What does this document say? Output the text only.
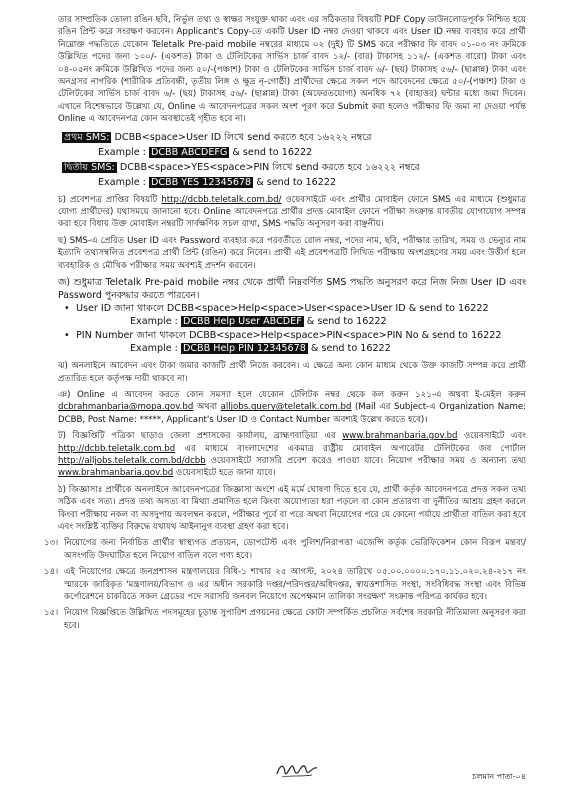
তার সাম্প্রতিক তোলা রঙিন ছবি, নির্ভুল তথ্য ও স্বাক্ষর সংযুক্ত থাকা এবং এর সঠিকতার বিষয়টি PDF Copy ডাউনলোডপূর্বক নিশ্চিত হয়ে রঙিন প্রিন্ট করে সংরক্ষণ করবেন। Applicant's Copy-তে একটি User ID নম্বর দেওয়া থাকবে এবং User ID নম্বর ব্যবহার করে প্রার্থী নিম্নোক্ত পদ্ধতিতে যেকোন Teletalk Pre-paid mobile নম্বরের মাধ্যমে ০২ (দুই) টি SMS করে পরীক্ষার ফি বাবদ ০১-০৩ নং ক্রমিকে উল্লিখিত পদের জন্য ১০০/- (একশত) টাকা ও টেলিটকের সার্ভিস চার্জ বাবদ ১২/- (বার) টাকাসহ ১১২/- (একশত বারো) টাকা এবং ০৪-০৫নং ক্রমিকে উল্লিখিত পদের জন্য ৫০/-(পঞ্চাশ) টাকা ও টেলিটকের সার্ভিস চার্জ বাবদ ৬/- (ছয়) টাকাসহ ৫৬/- (ছাপ্পান্ন) টাকা এবং অনগ্রসর নাগরিক (শারীরিক প্রতিবন্ধী, তৃতীয় লিঙ্গ ও ক্ষুদ্র নৃ-গোষ্ঠী) প্রার্থীদের ক্ষেত্রে সকল পদে আবেদনের ক্ষেত্রে ৫০/-(পঞ্চাশ) টাকা ও টেলিটকের সার্ভিস চার্জ বাবদ ৬/- (ছয়) টাকাসহ ৫৬/- (ছাপ্পান্ন) টাকা (অফেরতযোগ্য) অনধিক ৭২ (বাহাত্তর) ঘন্টার মধ্যে জমা দিবেন। এখানে বিশেষভাবে উল্লেখ্য যে, Online এ আবেদনপত্রের সকল অংশ পূরণ করে Submit করা হলেও পরীক্ষার ফি জমা না দেওয়া পর্যন্ত Online এ আবেদনপত্র কোন অবস্থাতেই গৃহীত হবে না।

প্রথম SMS: DCBB<space>User ID লিখে send করতে হবে ১৬২২২ নম্বরে
Example : DCBB ABCDEFG & send to 16222
দ্বিতীয় SMS: DCBB<space>YES<space>PIN লিখে send করতে হবে ১৬২২২ নম্বরে
Example : DCBB YES 12345678 & send to 16222

চ) প্রবেশপত্র প্রাপ্তির বিষয়টি http://dcbb.teletalk.com.bd/ ওয়েবসাইটে এবং প্রার্থীর মোবাইল ফোনে SMS এর মাধ্যমে (শুধুমাত্র যোগ্য প্রার্থীদের) যথাসময়ে জানানো হবে। Online আবেদনপত্রে প্রার্থীর প্রদত্ত মোবাইল ফোনে পরীক্ষা সংক্রান্ত যাবতীয় যোগাযোগ সম্পন্ন করা হবে বিধায় উক্ত মোবাইল নম্বরটি সার্বক্ষণিক সচল রাখা, SMS পদ্ধতি অনুসরণ করা বাঞ্ছনীয়।

ছ) SMS-এ প্রেরিত User ID এবং Password ব্যবহার করে পরবর্তীতে রোল নম্বর, পদের নাম, ছবি, পরীক্ষার তারিখ, সময় ও ভেন্যুর নাম ইত্যাদি তথ্যসম্বলিত প্রবেশপত্র প্রার্থী প্রিন্ট (রঙিন) করে নিবেন। প্রার্থী এই প্রবেশপত্রটি লিখিত পরীক্ষায় অংশগ্রহণের সময় এবং উত্তীর্ণ হলে ব্যবহারিক ও মৌখিক পরীক্ষার সময় অবশ্যই প্রদর্শন করবেন।

জ) শুধুমাত্র Teletalk Pre-paid mobile নম্বর থেকে প্রার্থী নিম্নবর্ণিত SMS পদ্ধতি অনুসরণ করে নিজ নিজ User ID এবং Password পুনরুদ্ধার করতে পারবেন।

• User ID জানা থাকলে DCBB<space>Help<space>User<space>User ID & send to 16222
Example : DCBB Help User ABCDEF & send to 16222
• PIN Number জানা থাকলে DCBB<space>Help<space>PIN<space>PIN No & send to 16222
Example : DCBB Help PIN 12345678 & send to 16222

ঝ) অনলাইনে আবেদন এবং টাকা জমার কাজটি প্রার্থী নিজে করবেন। এ ক্ষেত্রে অন্য কোন মাধ্যম থেকে উক্ত কাজটি সম্পন্ন করে প্রার্থী প্রতারিত হলে কর্তৃপক্ষ দায়ী থাকবে না।

ঞ) Online এ আবেদন করতে কোন সমস্যা হলে যেকোন টেলিটক নম্বর থেকে কল করুন ১২১-এ অথবা ই-মেইল করুন dcbrahmanbaria@mopa.gov.bd অথবা alljobs.query@teletalk.com.bd (Mail এর Subject-এ Organization Name: DCBB, Post Name: *****, Applicant's User ID ও Contact Number অবশ্যই উল্লেখ করতে হবে)।

ট) বিজ্ঞপ্তিটি পত্রিকা ছাড়াও জেলা প্রশাসকের কার্যালয়, ব্রাহ্মণবাড়িয়া এর www.brahmanbaria.gov.bd ওয়েবসাইটে এবং http://dcbb.teletalk.com.bd এর মাধ্যমে বাংলাদেশের একমাত্র রাষ্ট্রীয় মোবাইল অপারেটর টেলিটকের জব পোর্টাল http://alljobs.teletalk.com.bd/dcbb ওয়েবসাইটে সরাসরি প্রবেশ করেও পাওয়া যাবে। নিয়োগ পরীক্ষার সময় ও অন্যান্য তথ্য www.brahmanbaria.gov.bd ওয়েবসাইটে হতে জানা যাবে।

ঠ) জিজ্ঞাসাঃ প্রার্থীকে অনলাইনে আবেদনপত্রের জিজ্ঞাসা অংশে এই মর্মে ঘোষণা দিতে হবে যে, প্রার্থী কর্তৃক আবেদনপত্রে প্রদত্ত সকল তথ্য সঠিক এবং সত্য। প্রদত্ত তথ্য অসত্য বা মিথ্যা প্রমাণিত হলে কিংবা অযোগ্যতা ধরা পড়লে বা কোন প্রতারণা বা দুর্নীতির আশ্রয় গ্রহণ করলে কিংবা পরীক্ষায় নকল বা অসদুপায় অবলম্বন করলে, পরীক্ষার পূর্বে বা পরে অথবা নিয়োগের পরে যে কোনো পর্যায়ে প্রার্থীতা বাতিল করা হবে এবং সংশ্লিষ্ট ব্যক্তির বিরুদ্ধে যথাযথ আইনানুগ ব্যবস্থা গ্রহণ করা হবে।

১৩। নিয়োগের জন্য নির্বাচিত প্রার্থীর স্বাস্থ্যগত প্রত্যয়ন, ডোপটেস্ট এবং পুলিশ/নিরাপত্তা এজেন্সি কর্তৃক ভেরিফিকেশন কোন বিরূপ মন্তব্য/অসংগতি উদঘাটিত হলে নিয়োগ বাতিল বলে গণ্য হবে।
১৪। এই নিয়োগের ক্ষেত্রে জনপ্রশাসন মন্ত্রণালয়ের বিধি-১ শাখার ২৫ আগস্ট, ২০২৪ তারিখে ০৫.০০.০০০০.১৭০.১১.০২০.২৪-২১৭ নং স্মারকে জারিকৃত 'মন্ত্রণালয়/বিভাগ ও এর অধীন সরকারি দপ্তর/পরিদপ্তর/অধিদপ্তর, স্বায়ত্তশাসিত সংস্থা, সংবিধিবদ্ধ সংস্থা এবং বিভিন্ন কর্পোরেশনে চাকরিতে সকল গ্রেডের পদে সরাসরি জনবল নিয়োগে অপেক্ষমান তালিকা সংরক্ষণ' সংক্রান্ত পরিপত্র কার্যকর হবে।
১৫। নিয়োগ বিজ্ঞপ্তিতে উল্লিখিত পদসমূহের চূড়ান্ত সুপারিশ প্রণয়নের ক্ষেত্রে কোটা সম্পর্কিত প্রচলিত সর্বশেষ সরকারি নীতিমালা অনুসরণ করা হবে।
চলমান পাতা-০৪
